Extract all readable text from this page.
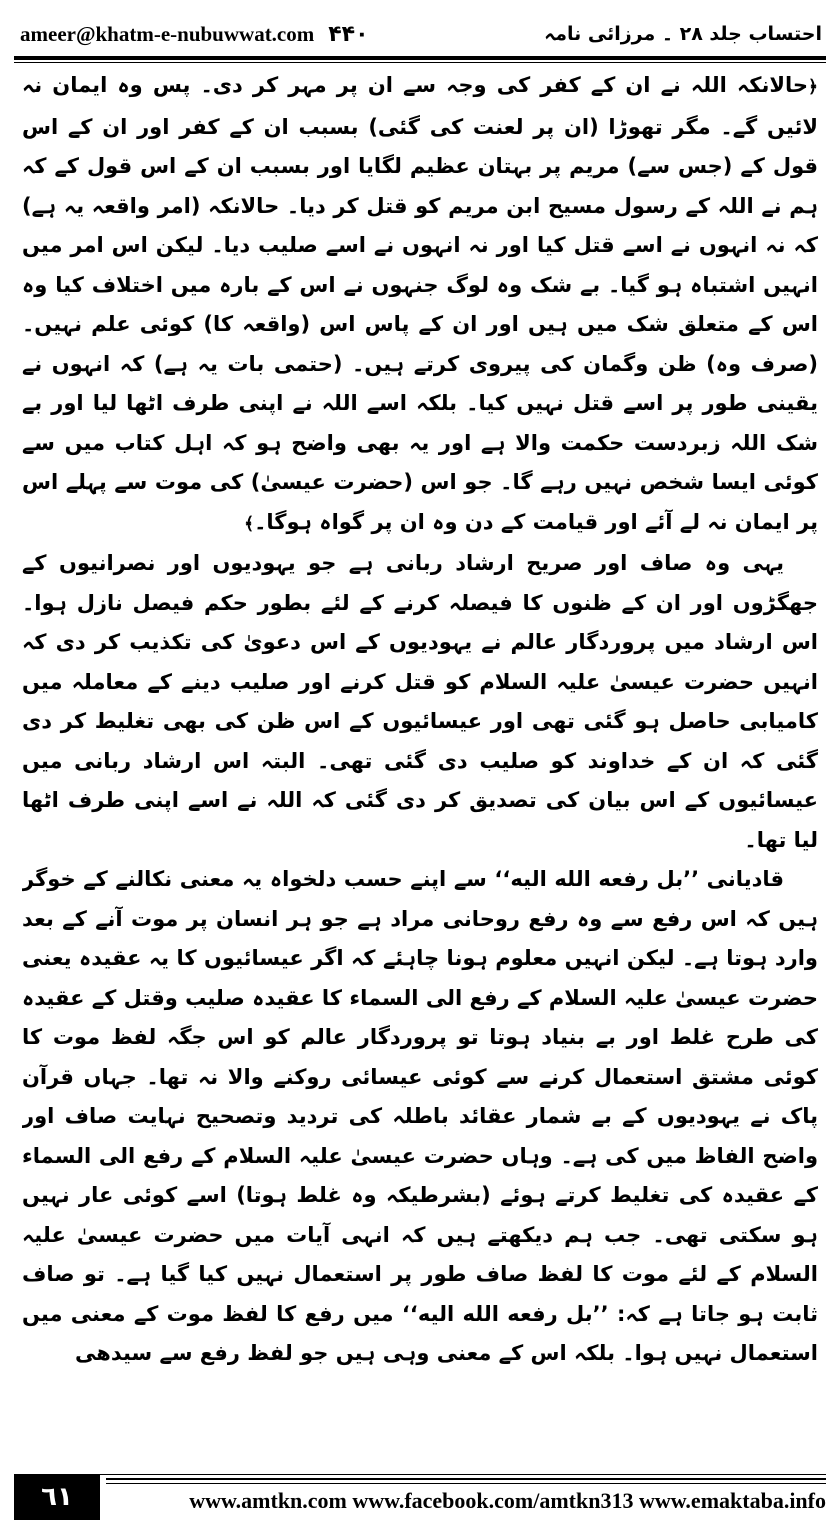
ameer@khatm-e-nubuwwat.com ۴۴۰	احتساب جلد ۲۸ ۔ مرزائی نامہ

﴿حالانکہ اللہ نے ان کے کفر کی وجہ سے ان پر مہر کر دی۔ پس وہ ایمان نہ لائیں گے۔ مگر تھوڑا (ان پر لعنت کی گئی) بسبب ان کے کفر اور ان کے اس قول کے (جس سے) مریم پر بہتان عظیم لگایا اور بسبب ان کے اس قول کے کہ ہم نے اللہ کے رسول مسیح ابن مریم کو قتل کر دیا۔ حالانکہ (امر واقعہ یہ ہے) کہ نہ انہوں نے اسے قتل کیا اور نہ انہوں نے اسے صلیب دیا۔ لیکن اس امر میں انہیں اشتباہ ہو گیا۔ بے شک وہ لوگ جنہوں نے اس کے بارہ میں اختلاف کیا وہ اس کے متعلق شک میں ہیں اور ان کے پاس اس (واقعہ کا) کوئی علم نہیں۔ (صرف وہ) ظن وگمان کی پیروی کرتے ہیں۔ (حتمی بات یہ ہے) کہ انہوں نے یقینی طور پر اسے قتل نہیں کیا۔ بلکہ اسے اللہ نے اپنی طرف اٹھا لیا اور بے شک اللہ زبردست حکمت والا ہے اور یہ بھی واضح ہو کہ اہل کتاب میں سے کوئی ایسا شخص نہیں رہے گا۔ جو اس (حضرت عیسیٰ) کی موت سے پہلے اس پر ایمان نہ لے آئے اور قیامت کے دن وہ ان پر گواہ ہوگا۔﴾

یہی وہ صاف اور صریح ارشاد ربانی ہے جو یہودیوں اور نصرانیوں کے جھگڑوں اور ان کے ظنوں کا فیصلہ کرنے کے لئے بطور حکم فیصل نازل ہوا۔ اس ارشاد میں پروردگار عالم نے یہودیوں کے اس دعویٰ کی تکذیب کر دی کہ انہیں حضرت عیسیٰ علیہ السلام کو قتل کرنے اور صلیب دینے کے معاملہ میں کامیابی حاصل ہو گئی تھی اور عیسائیوں کے اس ظن کی بھی تغلیط کر دی گئی کہ ان کے خداوند کو صلیب دی گئی تھی۔ البتہ اس ارشاد ربانی میں عیسائیوں کے اس بیان کی تصدیق کر دی گئی کہ اللہ نے اسے اپنی طرف اٹھا لیا تھا۔

قادیانی ’’بل رفعه الله اليه‘‘ سے اپنے حسب دلخواہ یہ معنی نکالنے کے خوگر ہیں کہ اس رفع سے وہ رفع روحانی مراد ہے جو ہر انسان پر موت آنے کے بعد وارد ہوتا ہے۔ لیکن انہیں معلوم ہونا چاہئے کہ اگر عیسائیوں کا یہ عقیدہ یعنی حضرت عیسیٰ علیہ السلام کے رفع الی السماء کا عقیدہ صلیب وقتل کے عقیدہ کی طرح غلط اور بے بنیاد ہوتا تو پروردگار عالم کو اس جگہ لفظ موت کا کوئی مشتق استعمال کرنے سے کوئی عیسائی روکنے والا نہ تھا۔ جہاں قرآن پاک نے یہودیوں کے بے شمار عقائد باطلہ کی تردید وتصحیح نہایت صاف اور واضح الفاظ میں کی ہے۔ وہاں حضرت عیسیٰ علیہ السلام کے رفع الی السماء کے عقیدہ کی تغلیط کرتے ہوئے (بشرطیکہ وہ غلط ہوتا) اسے کوئی عار نہیں ہو سکتی تھی۔ جب ہم دیکھتے ہیں کہ انہی آیات میں حضرت عیسیٰ علیہ السلام کے لئے موت کا لفظ صاف طور پر استعمال نہیں کیا گیا ہے۔ تو صاف ثابت ہو جاتا ہے کہ: ’’بل رفعه الله اليه‘‘ میں رفع کا لفظ موت کے معنی میں استعمال نہیں ہوا۔ بلکہ اس کے معنی وہی ہیں جو لفظ رفع سے سیدھی

٦١	www.amtkn.com www.facebook.com/amtkn313 www.emaktaba.info
